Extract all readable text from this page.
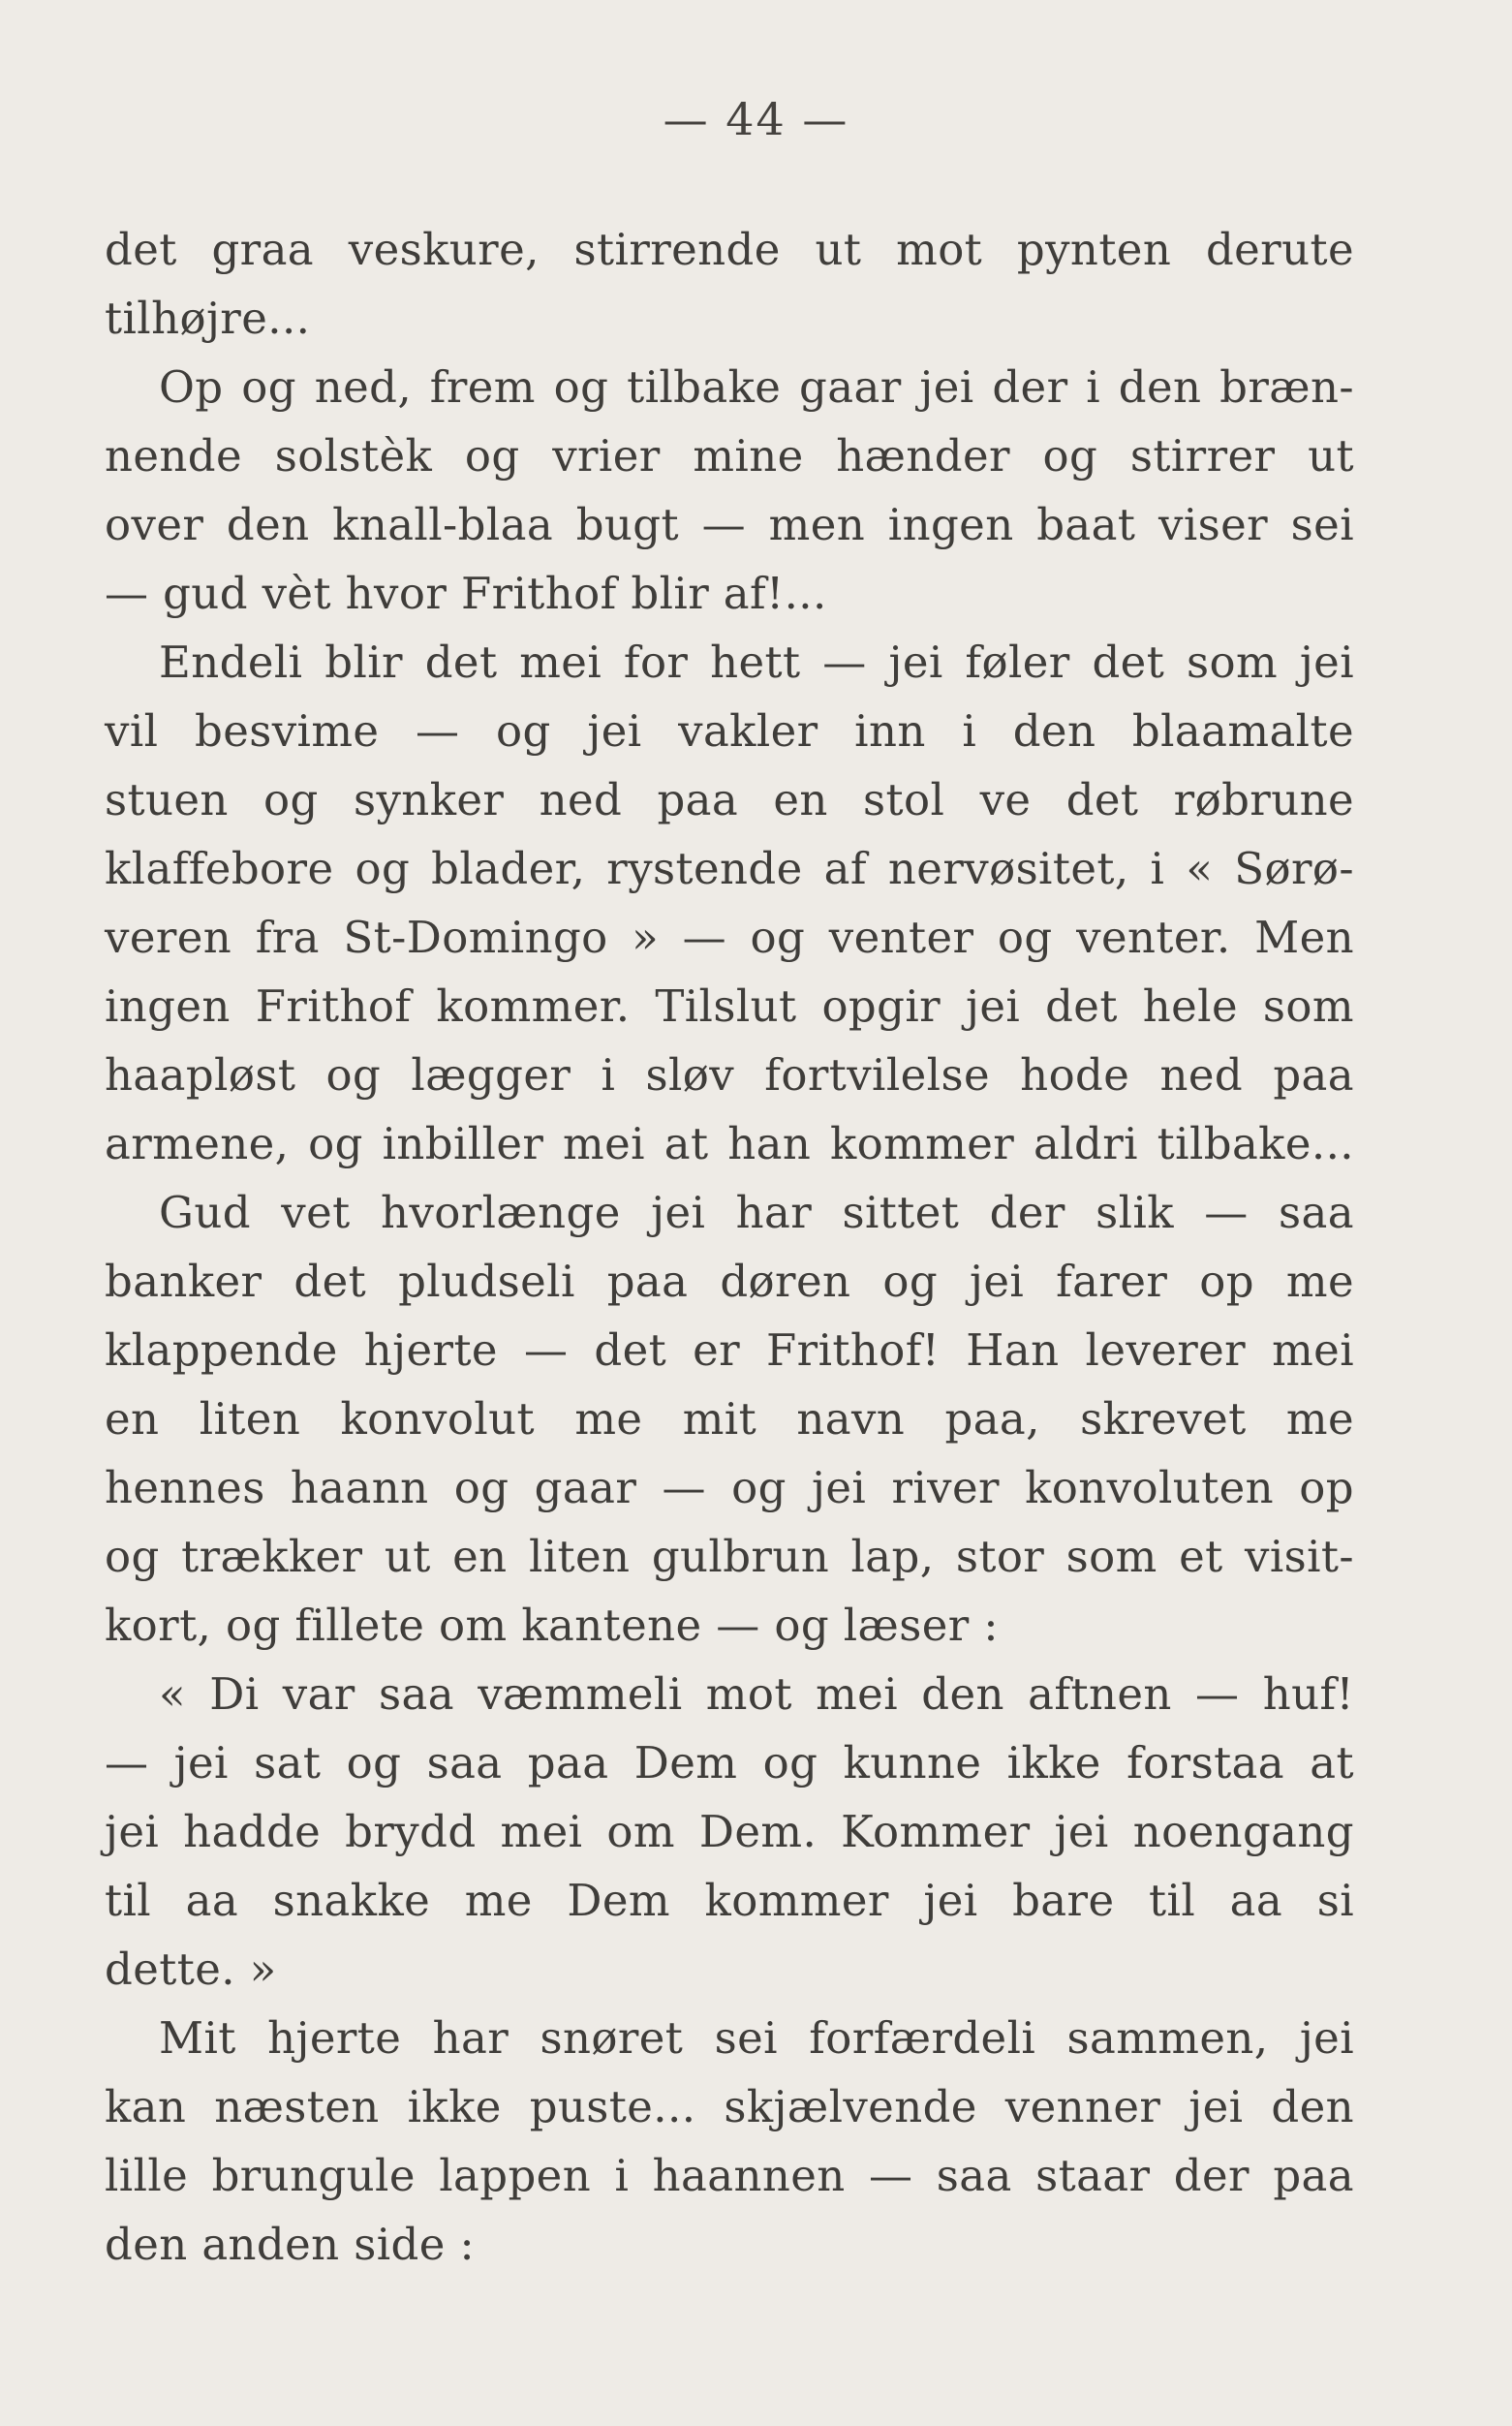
— 44 —
det graa veskure, stirrende ut mot pynten derute
tilhøjre...
Op og ned, frem og tilbake gaar jei der i den bræn-
nende solstèk og vrier mine hænder og stirrer ut
over den knall-blaa bugt — men ingen baat viser sei
— gud vèt hvor Frithof blir af!...
Endeli blir det mei for hett — jei føler det som jei
vil besvime — og jei vakler inn i den blaamalte
stuen og synker ned paa en stol ve det røbrune
klaffebore og blader, rystende af nervøsitet, i « Sørø-
veren fra St-Domingo » — og venter og venter. Men
ingen Frithof kommer. Tilslut opgir jei det hele som
haapløst og lægger i sløv fortvilelse hode ned paa
armene, og inbiller mei at han kommer aldri tilbake...
Gud vet hvorlænge jei har sittet der slik — saa
banker det pludseli paa døren og jei farer op me
klappende hjerte — det er Frithof! Han leverer mei
en liten konvolut me mit navn paa, skrevet me
hennes haann og gaar — og jei river konvoluten op
og trækker ut en liten gulbrun lap, stor som et visit-
kort, og fillete om kantene — og læser :
« Di var saa væmmeli mot mei den aftnen — huf!
— jei sat og saa paa Dem og kunne ikke forstaa at
jei hadde brydd mei om Dem. Kommer jei noengang
til aa snakke me Dem kommer jei bare til aa si
dette. »
Mit hjerte har snøret sei forfærdeli sammen, jei
kan næsten ikke puste... skjælvende venner jei den
lille brungule lappen i haannen — saa staar der paa
den anden side :
